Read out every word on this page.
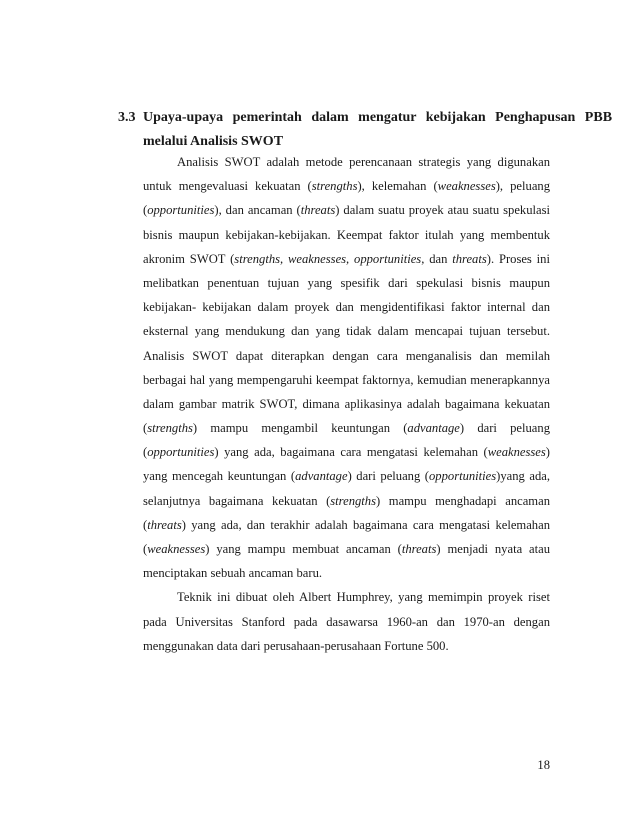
3.3 Upaya-upaya pemerintah dalam mengatur kebijakan Penghapusan PBB
melalui Analisis SWOT
Analisis SWOT adalah metode perencanaan strategis yang digunakan
untuk mengevaluasi kekuatan (strengths), kelemahan (weaknesses), peluang
(opportunities), dan ancaman (threats) dalam suatu proyek atau suatu spekulasi
bisnis maupun kebijakan-kebijakan. Keempat faktor itulah yang membentuk
akronim SWOT (strengths, weaknesses, opportunities, dan threats). Proses ini
melibatkan penentuan tujuan yang spesifik dari spekulasi bisnis maupun
kebijakan- kebijakan dalam proyek dan mengidentifikasi faktor internal dan
eksternal yang mendukung dan yang tidak dalam mencapai tujuan tersebut.
Analisis SWOT dapat diterapkan dengan cara menganalisis dan memilah
berbagai hal yang mempengaruhi keempat faktornya, kemudian menerapkannya
dalam gambar matrik SWOT, dimana aplikasinya adalah bagaimana kekuatan
(strengths) mampu mengambil keuntungan (advantage) dari peluang
(opportunities) yang ada, bagaimana cara mengatasi kelemahan (weaknesses)
yang mencegah keuntungan (advantage) dari peluang (opportunities)yang ada,
selanjutnya bagaimana kekuatan (strengths) mampu menghadapi ancaman
(threats) yang ada, dan terakhir adalah bagaimana cara mengatasi kelemahan
(weaknesses) yang mampu membuat ancaman (threats) menjadi nyata atau
menciptakan sebuah ancaman baru.
Teknik ini dibuat oleh Albert Humphrey, yang memimpin proyek riset
pada Universitas Stanford pada dasawarsa 1960-an dan 1970-an dengan
menggunakan data dari perusahaan-perusahaan Fortune 500.
18
